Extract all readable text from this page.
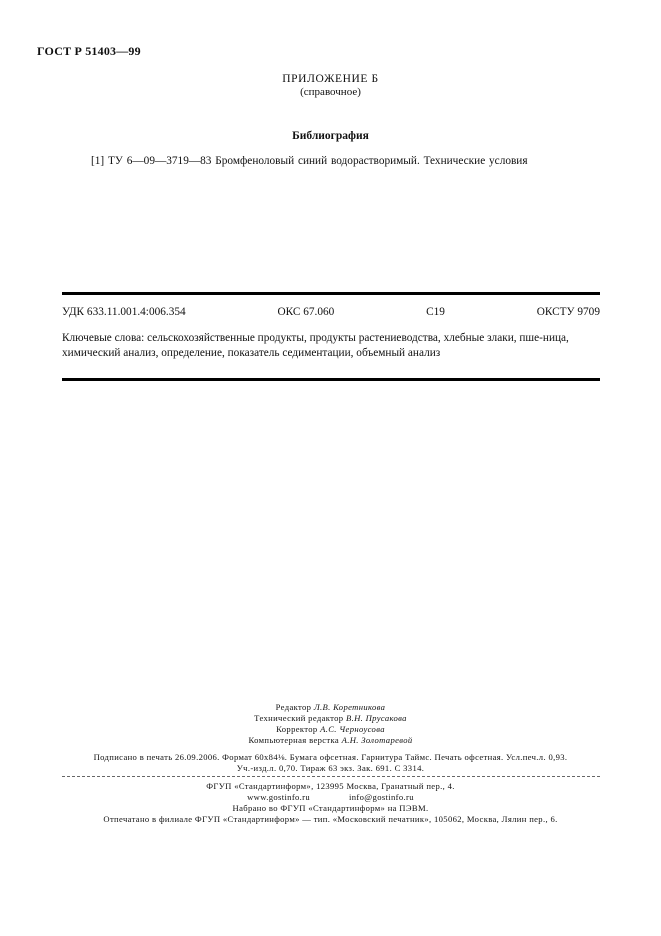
ГОСТ Р 51403—99
ПРИЛОЖЕНИЕ Б
(справочное)
Библиография
[1] ТУ 6—09—3719—83 Бромфеноловый синий водорастворимый. Технические условия
УДК 633.11.001.4:006.354	ОКС 67.060	С19	ОКСТУ 9709
Ключевые слова: сельскохозяйственные продукты, продукты растениеводства, хлебные злаки, пше-ница, химический анализ, определение, показатель седиментации, объемный анализ
Редактор Л.В. Коретникова
Технический редактор В.Н. Прусакова
Корректор А.С. Черноусова
Компьютерная верстка А.Н. Золотаревой
Подписано в печать 26.09.2006. Формат 60x84⅛. Бумага офсетная. Гарнитура Таймс. Печать офсетная. Усл.печ.л. 0,93.
Уч.-изд.л. 0,70. Тираж 63 экз. Зак. 691. С 3314.
ФГУП «Стандартинформ», 123995 Москва, Гранатный пер., 4.
www.gostinfo.ru	info@gostinfo.ru
Набрано во ФГУП «Стандартинформ» на ПЭВМ.
Отпечатано в филиале ФГУП «Стандартинформ» — тип. «Московский печатник», 105062, Москва, Лялин пер., 6.
